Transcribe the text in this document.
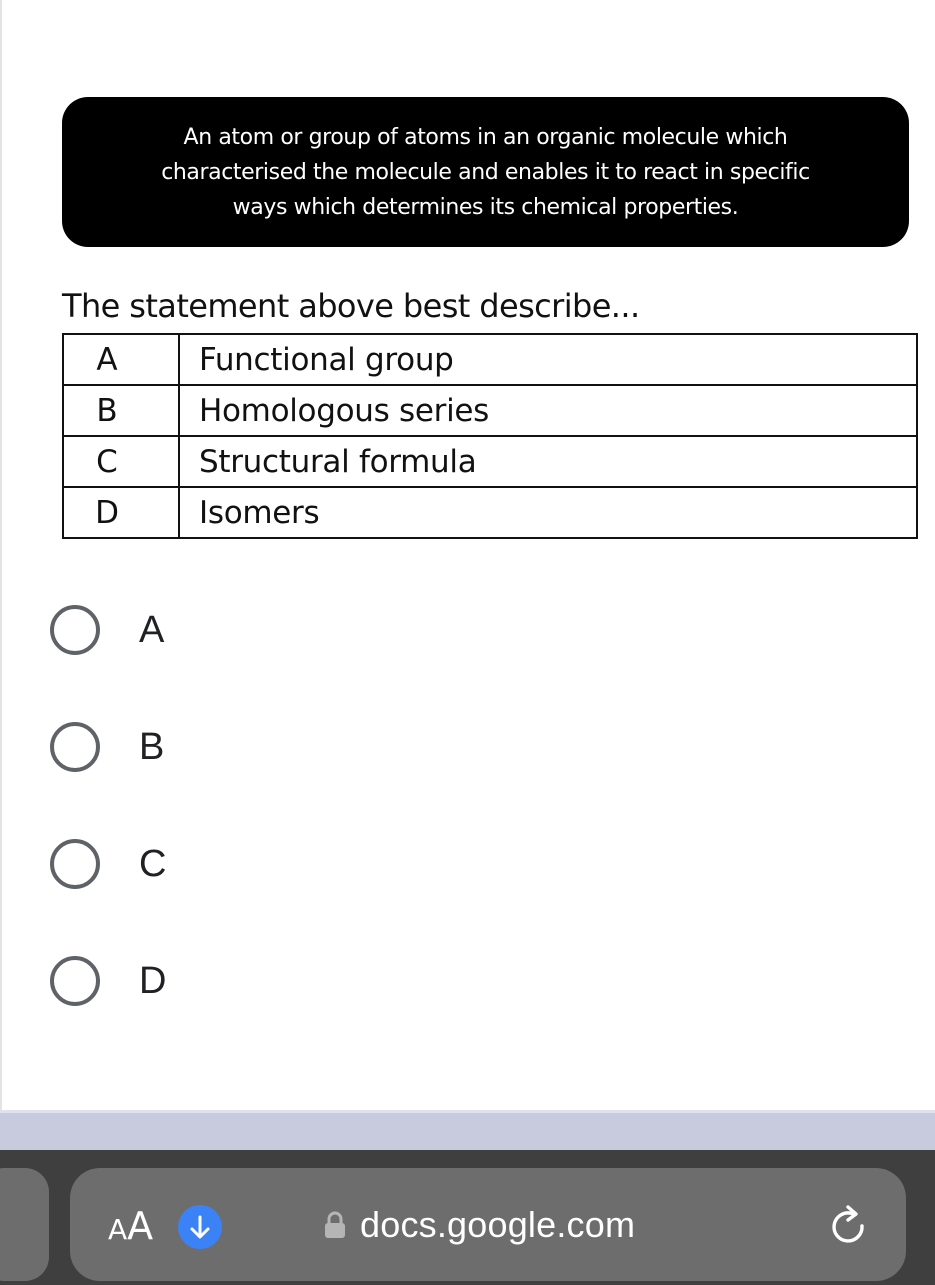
An atom or group of atoms in an organic molecule which
characterised the molecule and enables it to react in specific
ways which determines its chemical properties.
The statement above best describe...
A	Functional group
B	Homologous series
C	Structural formula
D	Isomers
A
B
C
D
AA	docs.google.com
